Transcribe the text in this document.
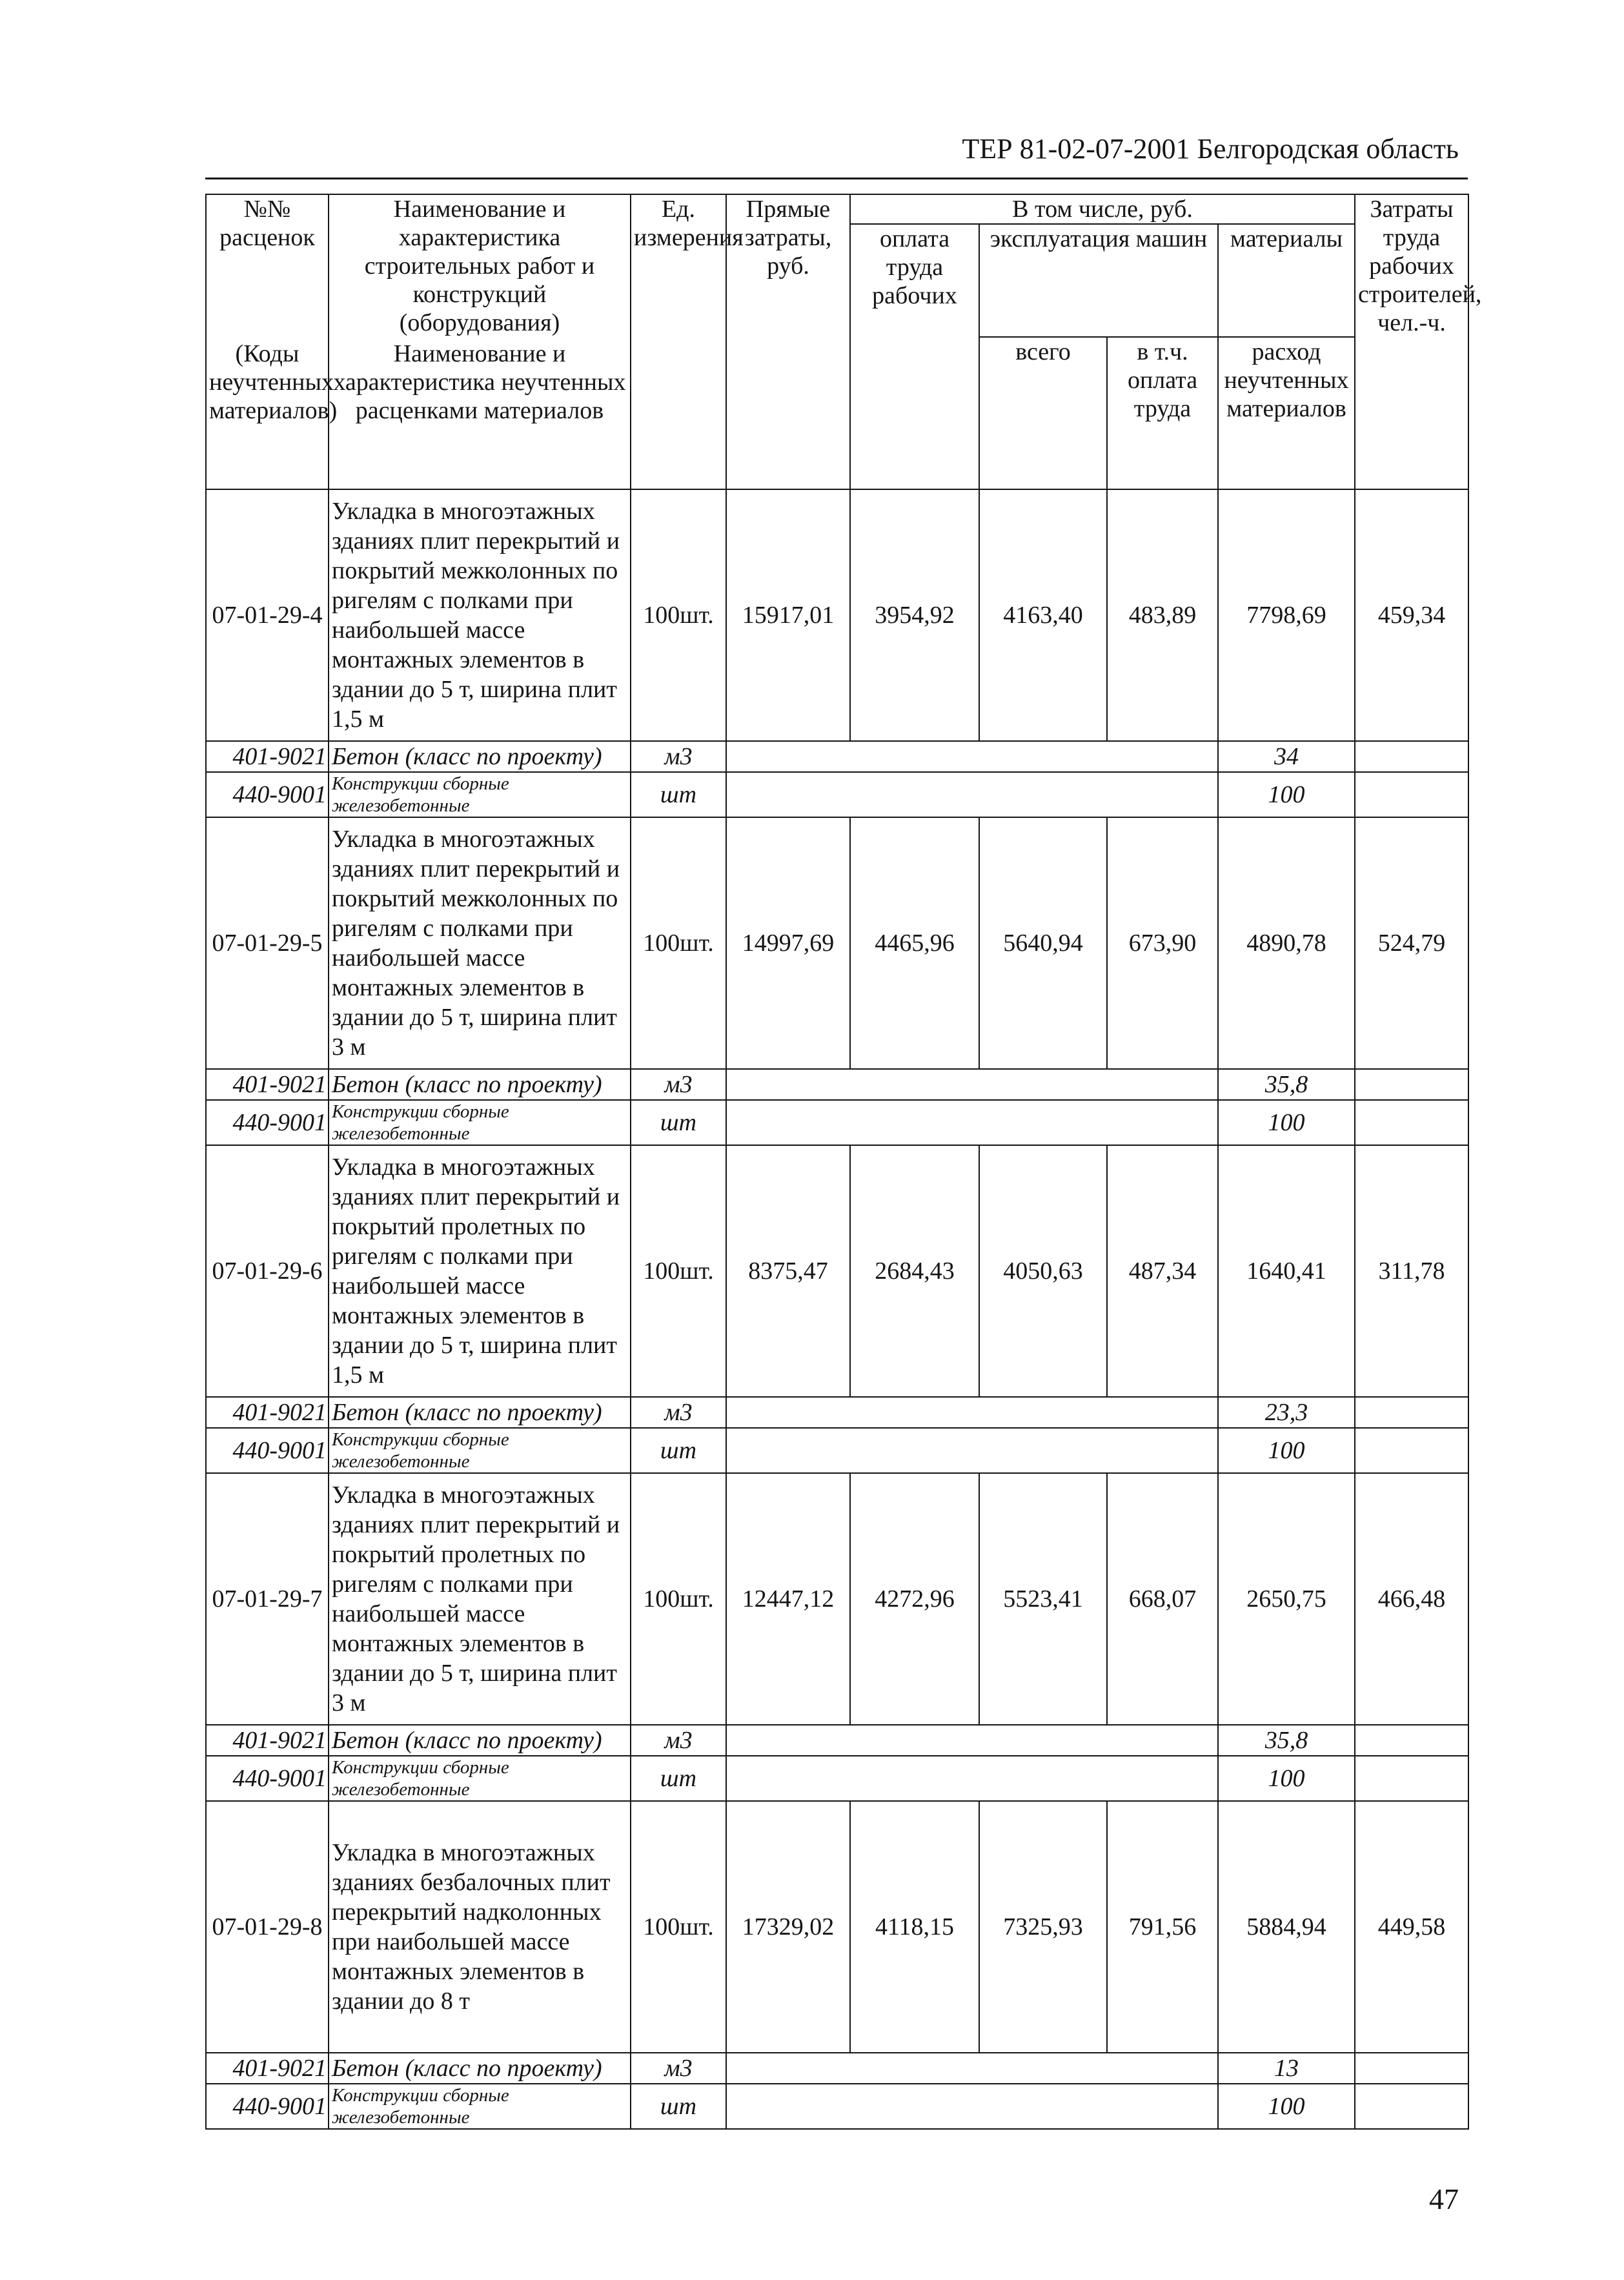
ТЕР 81-02-07-2001 Белгородская область
№№ расценок	Наименование и характеристика строительных работ и конструкций (оборудования)	Ед. измерения	Прямые затраты, руб.	В том числе, руб.				Затраты труда рабочих строителей, чел.-ч.
				оплата труда рабочих	эксплуатация машин		материалы	
(Коды неучтенных материалов)	Наименование и характеристика неучтенных расценками материалов				всего	в т.ч. оплата труда	расход неучтенных материалов	

07-01-29-4	Укладка в многоэтажных зданиях плит перекрытий и покрытий межколонных по ригелям с полками при наибольшей массе монтажных элементов в здании до 5 т, ширина плит 1,5 м	100шт.	15917,01	3954,92	4163,40	483,89	7798,69	459,34
401-9021	Бетон (класс по проекту)	м3					34	
440-9001	Конструкции сборные железобетонные	шт					100	
07-01-29-5	Укладка в многоэтажных зданиях плит перекрытий и покрытий межколонных по ригелям с полками при наибольшей массе монтажных элементов в здании до 5 т, ширина плит 3 м	100шт.	14997,69	4465,96	5640,94	673,90	4890,78	524,79
401-9021	Бетон (класс по проекту)	м3					35,8	
440-9001	Конструкции сборные железобетонные	шт					100	
07-01-29-6	Укладка в многоэтажных зданиях плит перекрытий и покрытий пролетных по ригелям с полками при наибольшей массе монтажных элементов в здании до 5 т, ширина плит 1,5 м	100шт.	8375,47	2684,43	4050,63	487,34	1640,41	311,78
401-9021	Бетон (класс по проекту)	м3					23,3	
440-9001	Конструкции сборные железобетонные	шт					100	
07-01-29-7	Укладка в многоэтажных зданиях плит перекрытий и покрытий пролетных по ригелям с полками при наибольшей массе монтажных элементов в здании до 5 т, ширина плит 3 м	100шт.	12447,12	4272,96	5523,41	668,07	2650,75	466,48
401-9021	Бетон (класс по проекту)	м3					35,8	
440-9001	Конструкции сборные железобетонные	шт					100	
07-01-29-8	Укладка в многоэтажных зданиях безбалочных плит перекрытий надколонных при наибольшей массе монтажных элементов в здании до 8 т	100шт.	17329,02	4118,15	7325,93	791,56	5884,94	449,58
401-9021	Бетон (класс по проекту)	м3					13	
440-9001	Конструкции сборные железобетонные	шт					100	
47
